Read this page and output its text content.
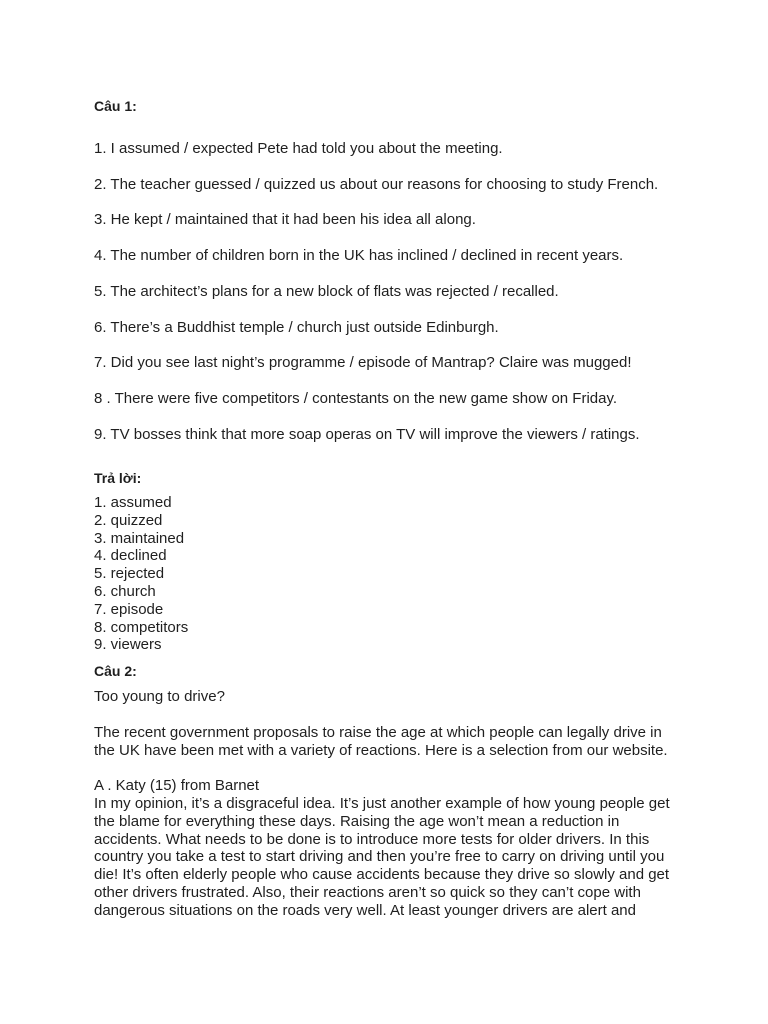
Câu 1:
1. I assumed / expected Pete had told you about the meeting.
2. The teacher guessed / quizzed us about our reasons for choosing to study French.
3. He kept / maintained that it had been his idea all along.
4. The number of children born in the UK has inclined / declined in recent years.
5. The architect’s plans for a new block of flats was rejected / recalled.
6. There’s a Buddhist temple / church just outside Edinburgh.
7. Did you see last night’s programme / episode of Mantrap? Claire was mugged!
8 . There were five competitors / contestants on the new game show on Friday.
9. TV bosses think that more soap operas on TV will improve the viewers / ratings.
Trả lời:
1. assumed
2. quizzed
3. maintained
4. declined
5. rejected
6. church
7. episode
8. competitors
9. viewers
Câu 2:

Too young to drive?

The recent government proposals to raise the age at which people can legally drive in the UK have been met with a variety of reactions. Here is a selection from our website.

A . Katy (15) from Barnet

In my opinion, it’s a disgraceful idea. It’s just another example of how young people get the blame for everything these days. Raising the age won’t mean a reduction in accidents. What needs to be done is to introduce more tests for older drivers. In this country you take a test to start driving and then you’re free to carry on driving until you die! It’s often elderly people who cause accidents because they drive so slowly and get other drivers frustrated. Also, their reactions aren’t so quick so they can’t cope with dangerous situations on the roads very well. At least younger drivers are alert and
